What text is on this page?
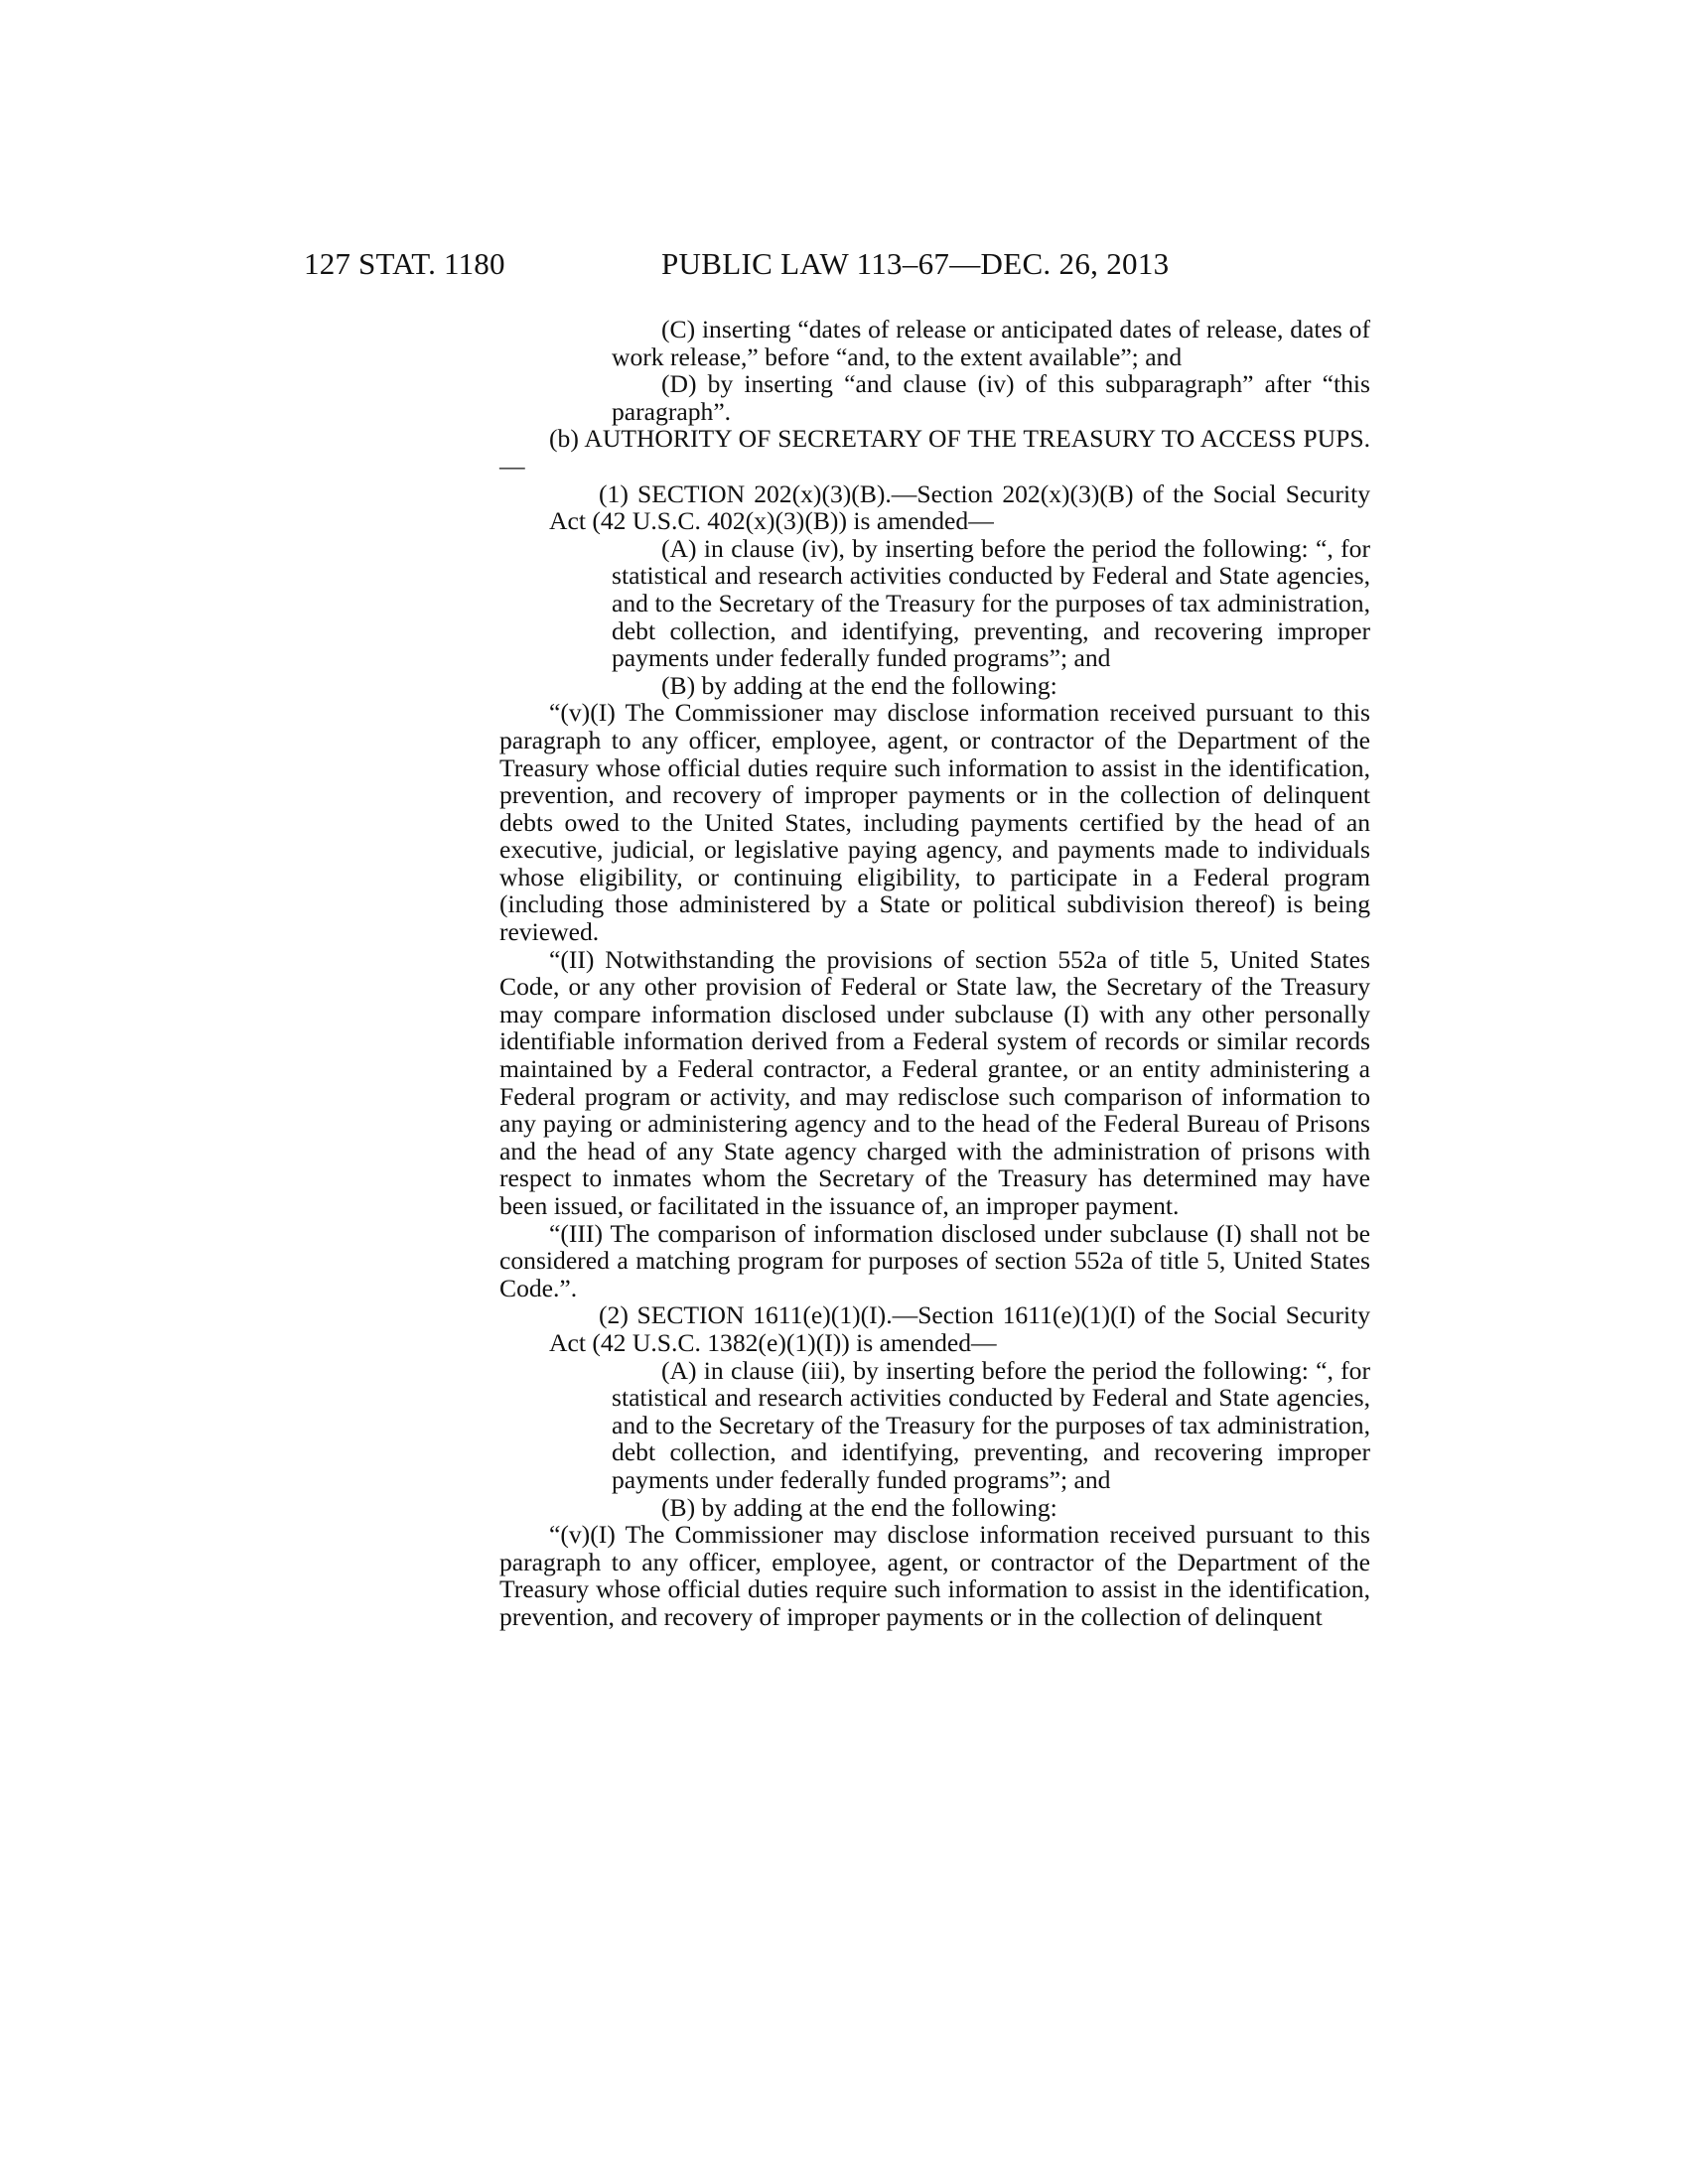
127 STAT. 1180	PUBLIC LAW 113–67—DEC. 26, 2013

(C) inserting “dates of release or anticipated dates of release, dates of work release,” before “and, to the extent available”; and

(D) by inserting “and clause (iv) of this subparagraph” after “this paragraph”.

(b) AUTHORITY OF SECRETARY OF THE TREASURY TO ACCESS PUPS.—

(1) SECTION 202(x)(3)(B).—Section 202(x)(3)(B) of the Social Security Act (42 U.S.C. 402(x)(3)(B)) is amended—

(A) in clause (iv), by inserting before the period the following: “, for statistical and research activities conducted by Federal and State agencies, and to the Secretary of the Treasury for the purposes of tax administration, debt collection, and identifying, preventing, and recovering improper payments under federally funded programs”; and

(B) by adding at the end the following:

“(v)(I) The Commissioner may disclose information received pursuant to this paragraph to any officer, employee, agent, or contractor of the Department of the Treasury whose official duties require such information to assist in the identification, prevention, and recovery of improper payments or in the collection of delinquent debts owed to the United States, including payments certified by the head of an executive, judicial, or legislative paying agency, and payments made to individuals whose eligibility, or continuing eligibility, to participate in a Federal program (including those administered by a State or political subdivision thereof) is being reviewed.

“(II) Notwithstanding the provisions of section 552a of title 5, United States Code, or any other provision of Federal or State law, the Secretary of the Treasury may compare information disclosed under subclause (I) with any other personally identifiable information derived from a Federal system of records or similar records maintained by a Federal contractor, a Federal grantee, or an entity administering a Federal program or activity, and may redisclose such comparison of information to any paying or administering agency and to the head of the Federal Bureau of Prisons and the head of any State agency charged with the administration of prisons with respect to inmates whom the Secretary of the Treasury has determined may have been issued, or facilitated in the issuance of, an improper payment.

“(III) The comparison of information disclosed under subclause (I) shall not be considered a matching program for purposes of section 552a of title 5, United States Code.”.

(2) SECTION 1611(e)(1)(I).—Section 1611(e)(1)(I) of the Social Security Act (42 U.S.C. 1382(e)(1)(I)) is amended—

(A) in clause (iii), by inserting before the period the following: “, for statistical and research activities conducted by Federal and State agencies, and to the Secretary of the Treasury for the purposes of tax administration, debt collection, and identifying, preventing, and recovering improper payments under federally funded programs”; and

(B) by adding at the end the following:

“(v)(I) The Commissioner may disclose information received pursuant to this paragraph to any officer, employee, agent, or contractor of the Department of the Treasury whose official duties require such information to assist in the identification, prevention, and recovery of improper payments or in the collection of delinquent
